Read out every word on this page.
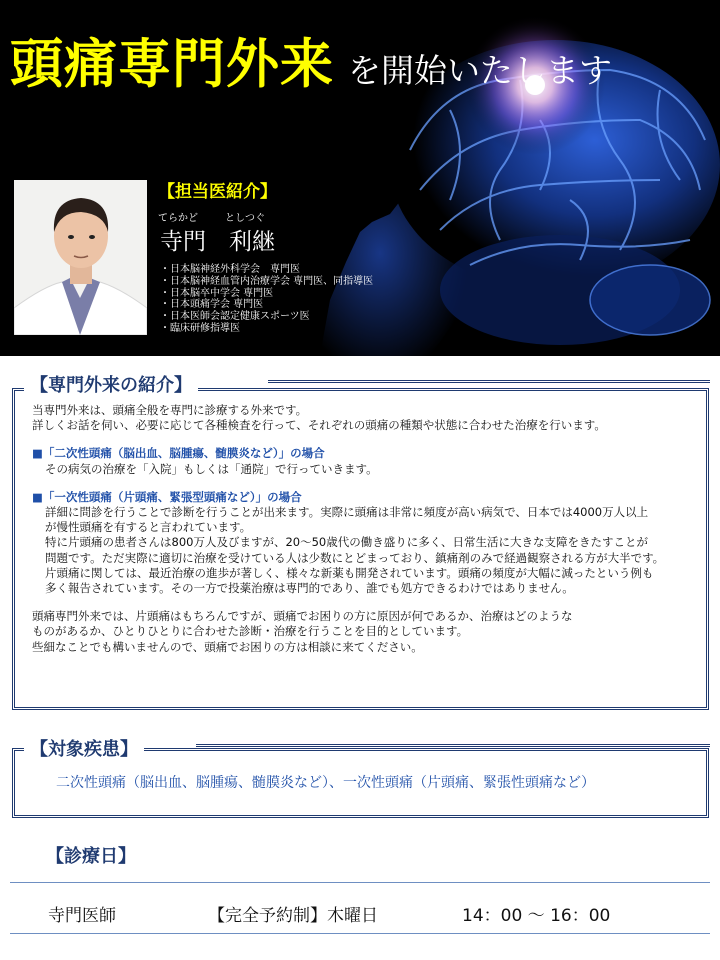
頭痛専門外来 を開始いたします
【担当医紹介】
てらかど	としつぐ
寺門　利継
・日本脳神経外科学会　専門医
・日本脳神経血管内治療学会 専門医、同指導医
・日本脳卒中学会 専門医
・日本頭痛学会 専門医
・日本医師会認定健康スポーツ医
・臨床研修指導医
【専門外来の紹介】
当専門外来は、頭痛全般を専門に診療する外来です。
詳しくお話を伺い、必要に応じて各種検査を行って、それぞれの頭痛の種類や状態に合わせた治療を行います。
■「二次性頭痛（脳出血、脳腫瘍、髄膜炎など）」の場合
その病気の治療を「入院」もしくは「通院」で行っていきます。
■「一次性頭痛（片頭痛、緊張型頭痛など）」の場合
詳細に問診を行うことで診断を行うことが出来ます。実際に頭痛は非常に頻度が高い病気で、日本では4000万人以上
が慢性頭痛を有すると言われています。
特に片頭痛の患者さんは800万人及びますが、20〜50歳代の働き盛りに多く、日常生活に大きな支障をきたすことが
問題です。ただ実際に適切に治療を受けている人は少数にとどまっており、鎮痛剤のみで経過観察される方が大半です。
片頭痛に関しては、最近治療の進歩が著しく、様々な新薬も開発されています。頭痛の頻度が大幅に減ったという例も
多く報告されています。その一方で投薬治療は専門的であり、誰でも処方できるわけではありません。
頭痛専門外来では、片頭痛はもちろんですが、頭痛でお困りの方に原因が何であるか、治療はどのような
ものがあるか、ひとりひとりに合わせた診断・治療を行うことを目的としています。
些細なことでも構いませんので、頭痛でお困りの方は相談に来てください。
【対象疾患】
二次性頭痛（脳出血、脳腫瘍、髄膜炎など）、一次性頭痛（片頭痛、緊張性頭痛など）
【診療日】
寺門医師	【完全予約制】木曜日	14：00 〜 16：00
